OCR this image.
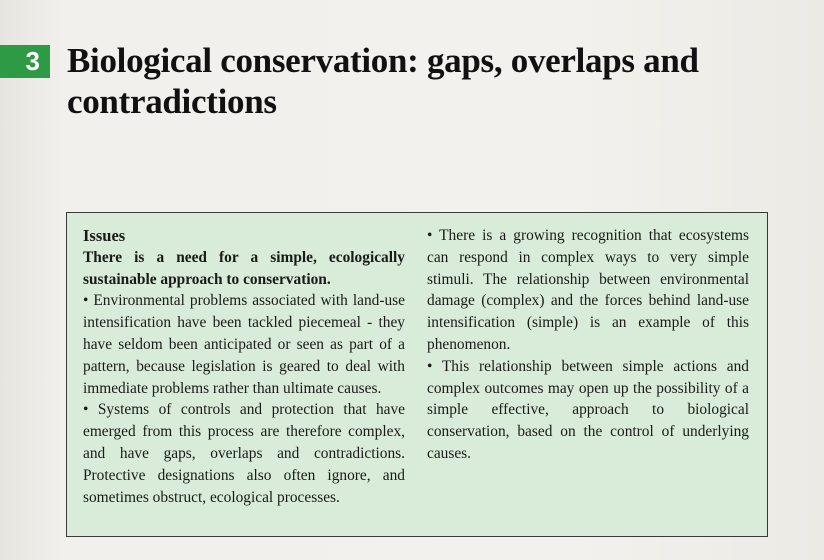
3 Biological conservation: gaps, overlaps and contradictions

Issues

There is a need for a simple, ecologically sustainable approach to conservation.

• Environmental problems associated with land-use intensification have been tackled piecemeal - they have seldom been anticipated or seen as part of a pattern, because legislation is geared to deal with immediate problems rather than ultimate causes.

• Systems of controls and protection that have emerged from this process are therefore complex, and have gaps, overlaps and contradictions. Protective designations also often ignore, and sometimes obstruct, ecological processes.

• There is a growing recognition that ecosystems can respond in complex ways to very simple stimuli. The relationship between environmental damage (complex) and the forces behind land-use intensification (simple) is an example of this phenomenon.

• This relationship between simple actions and complex outcomes may open up the possibility of a simple effective, approach to biological conservation, based on the control of underlying causes.
